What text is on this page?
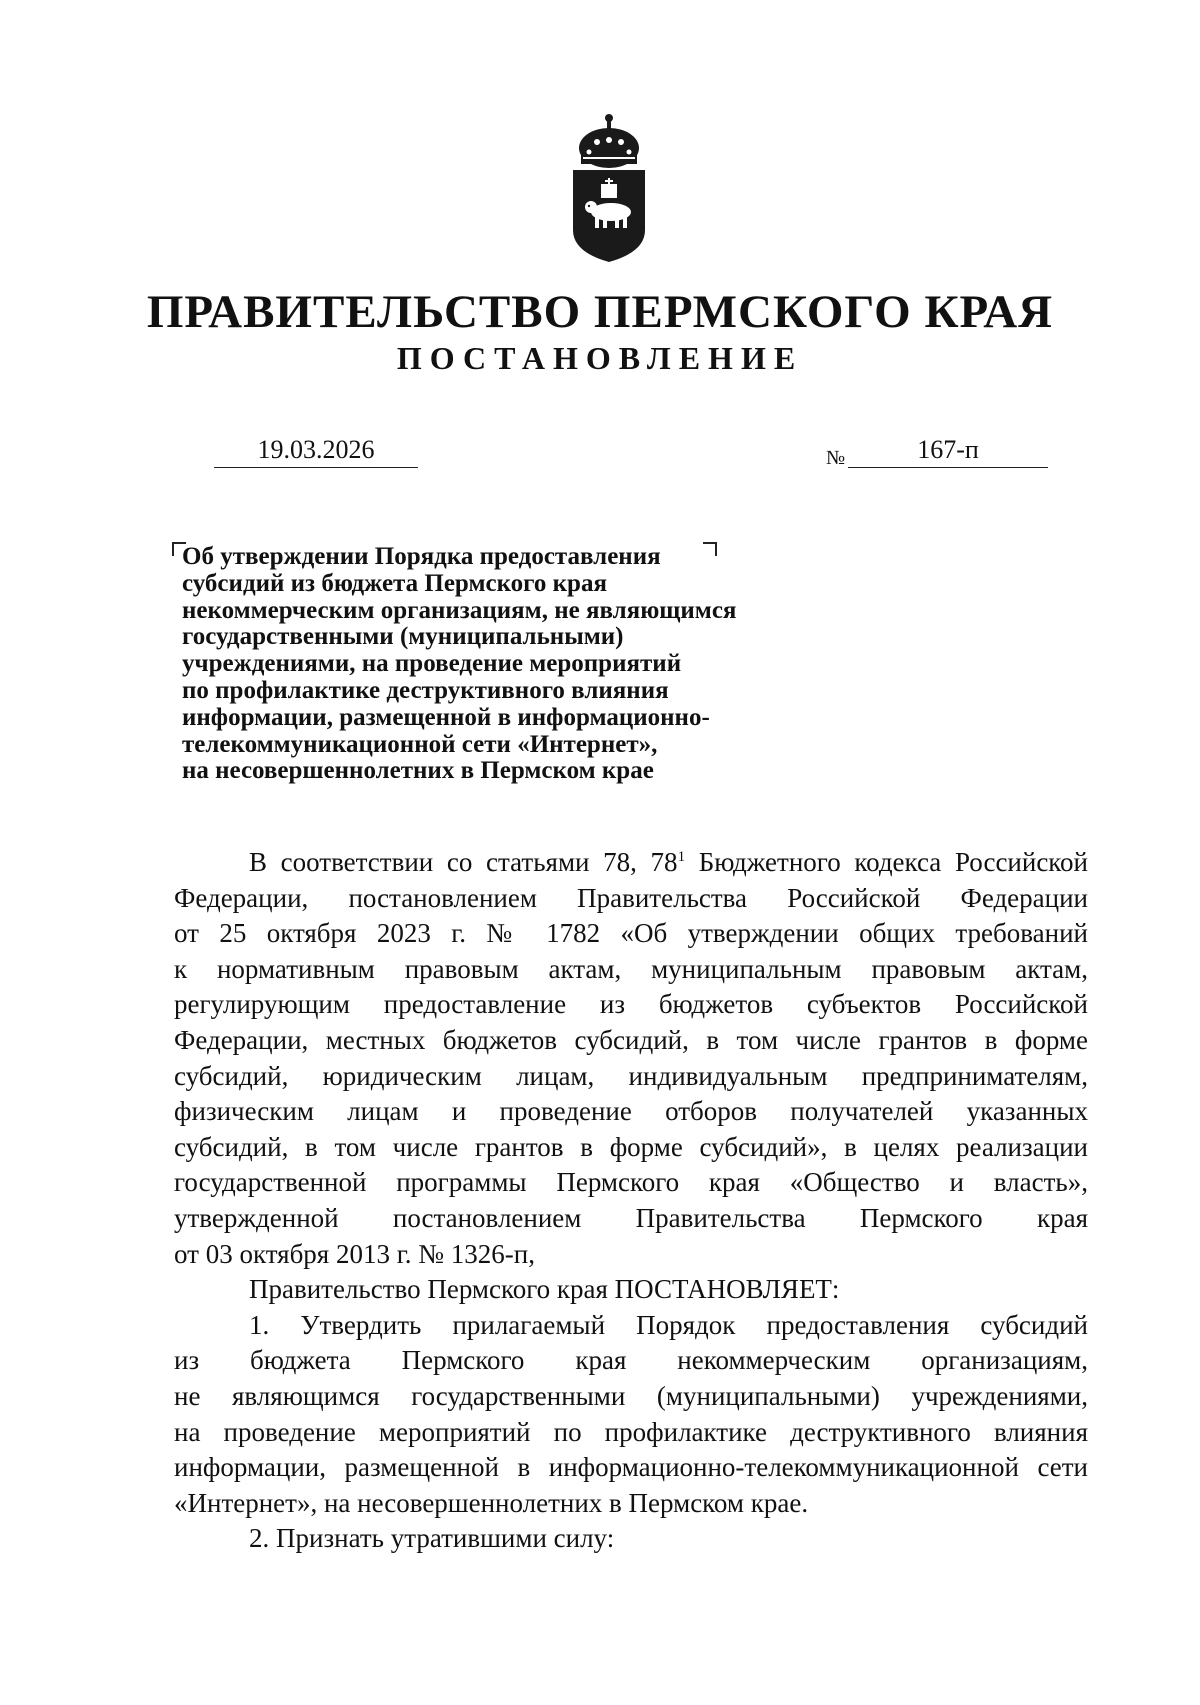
ПРАВИТЕЛЬСТВО ПЕРМСКОГО КРАЯ
ПОСТАНОВЛЕНИЕ
19.03.2026	№	167-п
Об утверждении Порядка предоставления
субсидий из бюджета Пермского края
некоммерческим организациям, не являющимся
государственными (муниципальными)
учреждениями, на проведение мероприятий
по профилактике деструктивного влияния
информации, размещенной в информационно-
телекоммуникационной сети «Интернет»,
на несовершеннолетних в Пермском крае
В соответствии со статьями 78, $78^1$ Бюджетного кодекса Российской
Федерации, постановлением Правительства Российской Федерации
от 25 октября 2023 г. № 1782 «Об утверждении общих требований
к нормативным правовым актам, муниципальным правовым актам,
регулирующим предоставление из бюджетов субъектов Российской
Федерации, местных бюджетов субсидий, в том числе грантов в форме
субсидий, юридическим лицам, индивидуальным предпринимателям,
физическим лицам и проведение отборов получателей указанных
субсидий, в том числе грантов в форме субсидий», в целях реализации
государственной программы Пермского края «Общество и власть»,
утвержденной постановлением Правительства Пермского края
от 03 октября 2013 г. № 1326-п,
Правительство Пермского края ПОСТАНОВЛЯЕТ:
1. Утвердить прилагаемый Порядок предоставления субсидий
из бюджета Пермского края некоммерческим организациям,
не являющимся государственными (муниципальными) учреждениями,
на проведение мероприятий по профилактике деструктивного влияния
информации, размещенной в информационно-телекоммуникационной сети
«Интернет», на несовершеннолетних в Пермском крае.
2. Признать утратившими силу:
